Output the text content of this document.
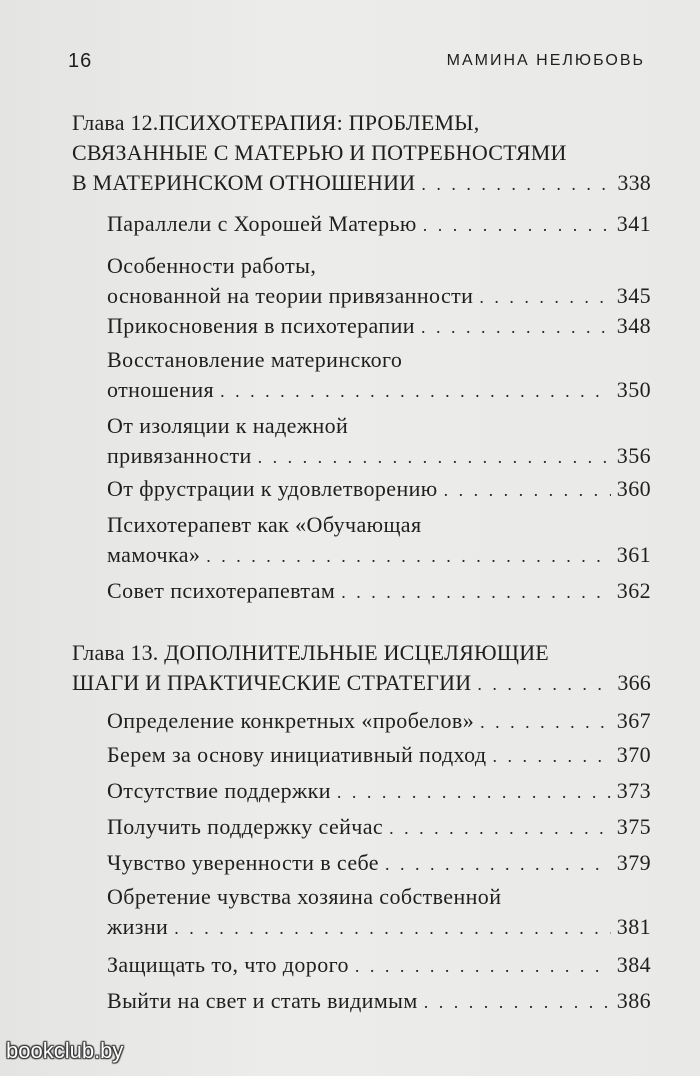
16	МАМИНА НЕЛЮБОВЬ
Глава 12.ПСИХОТЕРАПИЯ: ПРОБЛЕМЫ,
СВЯЗАННЫЕ С МАТЕРЬЮ И ПОТРЕБНОСТЯМИ
В МАТЕРИНСКОМ ОТНОШЕНИИ . . .	338
Параллели с Хорошей Матерью . . .	341
Особенности работы,
основанной на теории привязанности . . .	345
Прикосновения в психотерапии . . .	348
Восстановление материнского
отношения . . .	350
От изоляции к надежной
привязанности . . .	356
От фрустрации к удовлетворению . . .	360
Психотерапевт как «Обучающая
мамочка» . . .	361
Совет психотерапевтам . . .	362
Глава 13. ДОПОЛНИТЕЛЬНЫЕ ИСЦЕЛЯЮЩИЕ
ШАГИ И ПРАКТИЧЕСКИЕ СТРАТЕГИИ . . .	366
Определение конкретных «пробелов» . . .	367
Берем за основу инициативный подход . . .	370
Отсутствие поддержки . . .	373
Получить поддержку сейчас . . .	375
Чувство уверенности в себе . . .	379
Обретение чувства хозяина собственной
жизни . . .	381
Защищать то, что дорого . . .	384
Выйти на свет и стать видимым . . .	386
bookclub.by
